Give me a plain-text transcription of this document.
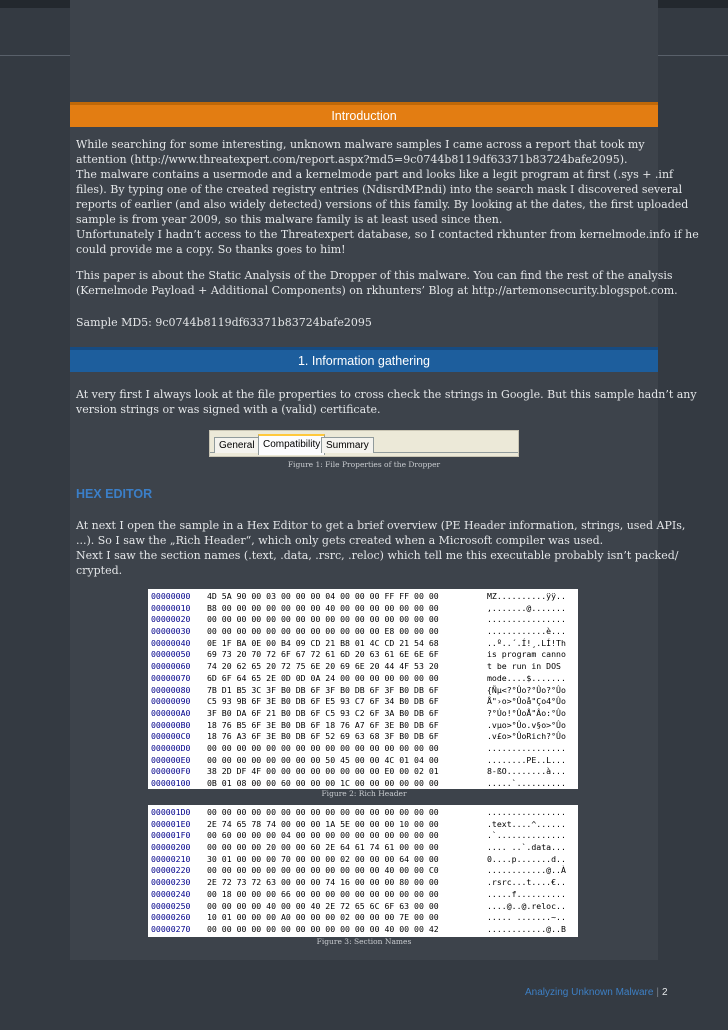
Introduction
While searching for some interesting, unknown malware samples I came across a report that took my
attention (http://www.threatexpert.com/report.aspx?md5=9c0744b8119df63371b83724bafe2095).
The malware contains a usermode and a kernelmode part and looks like a legit program at first (.sys + .inf
files). By typing one of the created registry entries (NdisrdMP.ndi) into the search mask I discovered several
reports of earlier (and also widely detected) versions of this family. By looking at the dates, the first uploaded
sample is from year 2009, so this malware family is at least used since then.
Unfortunately I hadn’t access to the Threatexpert database, so I contacted rkhunter from kernelmode.info if he
could provide me a copy. So thanks goes to him!
This paper is about the Static Analysis of the Dropper of this malware. You can find the rest of the analysis
(Kernelmode Payload + Additional Components) on rkhunters’ Blog at http://artemonsecurity.blogspot.com.
Sample MD5: 9c0744b8119df63371b83724bafe2095
1. Information gathering
At very first I always look at the file properties to cross check the strings in Google. But this sample hadn’t any
version strings or was signed with a (valid) certificate.
General Compatibility Summary
Figure 1: File Properties of the Dropper
HEX EDITOR
At next I open the sample in a Hex Editor to get a brief overview (PE Header information, strings, used APIs,
...). So I saw the „Rich Header“, which only gets created when a Microsoft compiler was used.
Next I saw the section names (.text, .data, .rsrc, .reloc) which tell me this executable probably isn’t packed/
crypted.
00000000 4D 5A 90 00 03 00 00 00 04 00 00 00 FF FF 00 00	MZ..........ÿÿ..
00000010 B8 00 00 00 00 00 00 00 40 00 00 00 00 00 00 00	,.......@.......
00000020 00 00 00 00 00 00 00 00 00 00 00 00 00 00 00 00	................
00000030 00 00 00 00 00 00 00 00 00 00 00 00 E8 00 00 00	............è...
00000040 0E 1F BA 0E 00 B4 09 CD 21 B8 01 4C CD 21 54 68	..º..´.Í!¸.LÍ!Th
00000050 69 73 20 70 72 6F 67 72 61 6D 20 63 61 6E 6E 6F	is program canno
00000060 74 20 62 65 20 72 75 6E 20 69 6E 20 44 4F 53 20	t be run in DOS
00000070 6D 6F 64 65 2E 0D 0D 0A 24 00 00 00 00 00 00 00	mode....$.......
00000080 7B D1 B5 3C 3F B0 DB 6F 3F B0 DB 6F 3F B0 DB 6F	{Ñµ<?°Ûo?°Ûo?°Ûo
00000090 C5 93 9B 6F 3E B0 DB 6F E5 93 C7 6F 34 B0 DB 6F	Å"›o>°Ûoå"Ço4°Ûo
000000A0 3F B0 DA 6F 21 B0 DB 6F C5 93 C2 6F 3A B0 DB 6F	?°Úo!°ÛoÅ"Âo:°Ûo
000000B0 18 76 B5 6F 3E B0 DB 6F 18 76 A7 6F 3E B0 DB 6F	.vµo>°Ûo.v§o>°Ûo
000000C0 18 76 A3 6F 3E B0 DB 6F 52 69 63 68 3F B0 DB 6F	.v£o>°ÛoRich?°Ûo
000000D0 00 00 00 00 00 00 00 00 00 00 00 00 00 00 00 00	................
000000E0 00 00 00 00 00 00 00 00 50 45 00 00 4C 01 04 00	........PE..L...
000000F0 38 2D DF 4F 00 00 00 00 00 00 00 00 E0 00 02 01	8-ßO........à...
00000100 0B 01 08 00 00 60 00 00 00 1C 00 00 00 00 00 00	.....`..........
Figure 2: Rich Header
000001D0 00 00 00 00 00 00 00 00 00 00 00 00 00 00 00 00	................
000001E0 2E 74 65 78 74 00 00 00 1A 5E 00 00 00 10 00 00	.text....^......
000001F0 00 60 00 00 00 04 00 00 00 00 00 00 00 00 00 00	.`..............
00000200 00 00 00 00 20 00 00 60 2E 64 61 74 61 00 00 00	.... ..`.data...
00000210 30 01 00 00 00 70 00 00 00 02 00 00 00 64 00 00	0....p.......d..
00000220 00 00 00 00 00 00 00 00 00 00 00 00 40 00 00 C0	............@..À
00000230 2E 72 73 72 63 00 00 00 74 16 00 00 00 80 00 00	.rsrc...t....€..
00000240 00 18 00 00 00 66 00 00 00 00 00 00 00 00 00 00	.....f..........
00000250 00 00 00 00 40 00 00 40 2E 72 65 6C 6F 63 00 00	....@..@.reloc..
00000260 10 01 00 00 00 A0 00 00 00 02 00 00 00 7E 00 00	..... .......~..
00000270 00 00 00 00 00 00 00 00 00 00 00 00 40 00 00 42	............@..B
Figure 3: Section Names
Analyzing Unknown Malware | 2
